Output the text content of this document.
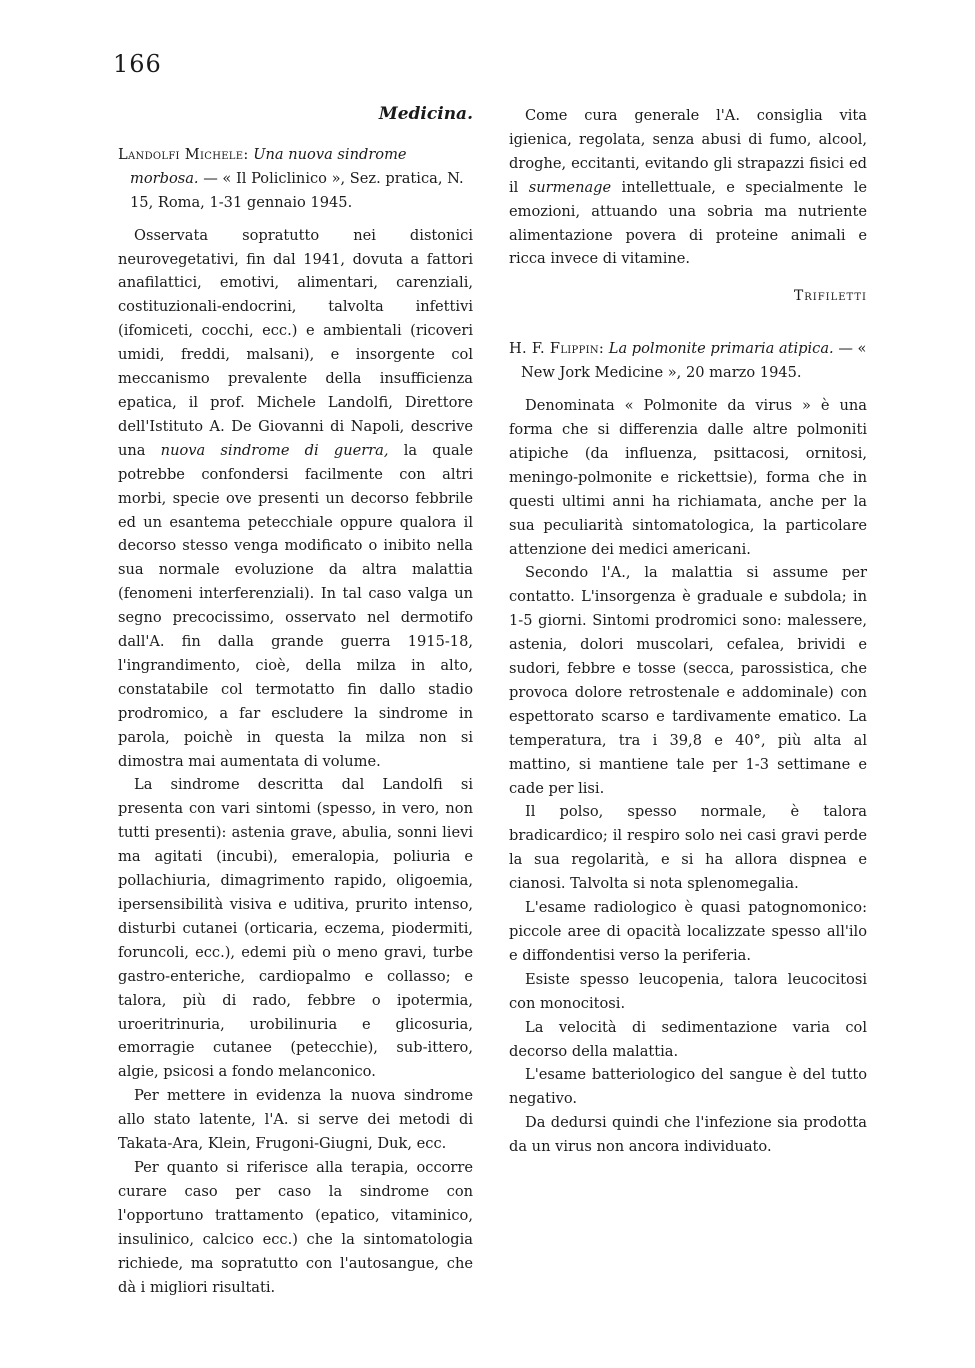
166
Medicina.
Landolfi Michele: Una nuova sindrome morbosa. — « Il Policlinico », Sez. pratica, N. 15, Roma, 1-31 gennaio 1945.

Osservata sopratutto nei distonici neurovegetativi, fin dal 1941, dovuta a fattori anafilattici, emotivi, alimentari, carenziali, costituzionali-endocrini, talvolta infettivi (ifomiceti, cocchi, ecc.) e ambientali (ricoveri umidi, freddi, malsani), e insorgente col meccanismo prevalente della insufficienza epatica, il prof. Michele Landolfi, Direttore dell'Istituto A. De Giovanni di Napoli, descrive una nuova sindrome di guerra, la quale potrebbe confondersi facilmente con altri morbi, specie ove presenti un decorso febbrile ed un esantema petecchiale oppure qualora il decorso stesso venga modificato o inibito nella sua normale evoluzione da altra malattia (fenomeni interferenziali). In tal caso valga un segno precocissimo, osservato nel dermotifo dall'A. fin dalla grande guerra 1915-18, l'ingrandimento, cioè, della milza in alto, constatabile col termotatto fin dallo stadio prodromico, a far escludere la sindrome in parola, poichè in questa la milza non si dimostra mai aumentata di volume.

La sindrome descritta dal Landolfi si presenta con vari sintomi (spesso, in vero, non tutti presenti): astenia grave, abulia, sonni lievi ma agitati (incubi), emeralopia, poliuria e pollachiuria, dimagrimento rapido, oligoemia, ipersensibilità visiva e uditiva, prurito intenso, disturbi cutanei (orticaria, eczema, piodermiti, foruncoli, ecc.), edemi più o meno gravi, turbe gastro-enteriche, cardiopalmo e collasso; e talora, più di rado, febbre o ipotermia, uroeritrinuria, urobilinuria e glicosuria, emorragie cutanee (petecchie), sub-ittero, algie, psicosi a fondo melanconico.

Per mettere in evidenza la nuova sindrome allo stato latente, l'A. si serve dei metodi di Takata-Ara, Klein, Frugoni-Giugni, Duk, ecc.

Per quanto si riferisce alla terapia, occorre curare caso per caso la sindrome con l'opportuno trattamento (epatico, vitaminico, insulinico, calcico ecc.) che la sintomatologia richiede, ma sopratutto con l'autosangue, che dà i migliori risultati.

Come cura generale l'A. consiglia vita igienica, regolata, senza abusi di fumo, alcool, droghe, eccitanti, evitando gli strapazzi fisici ed il surmenage intellettuale, e specialmente le emozioni, attuando una sobria ma nutriente alimentazione povera di proteine animali e ricca invece di vitamine.

Trifiletti
H. F. Flippin: La polmonite primaria atipica. — « New Jork Medicine », 20 marzo 1945.

Denominata « Polmonite da virus » è una forma che si differenzia dalle altre polmoniti atipiche (da influenza, psittacosi, ornitosi, meningo-polmonite e rickettsie), forma che in questi ultimi anni ha richiamata, anche per la sua peculiarità sintomatologica, la particolare attenzione dei medici americani.

Secondo l'A., la malattia si assume per contatto. L'insorgenza è graduale e subdola; in 1-5 giorni. Sintomi prodromici sono: malessere, astenia, dolori muscolari, cefalea, brividi e sudori, febbre e tosse (secca, parossistica, che provoca dolore retrostenale e addominale) con espettorato scarso e tardivamente ematico. La temperatura, tra i 39,8 e 40°, più alta al mattino, si mantiene tale per 1-3 settimane e cade per lisi.

Il polso, spesso normale, è talora bradicardico; il respiro solo nei casi gravi perde la sua regolarità, e si ha allora dispnea e cianosi. Talvolta si nota splenomegalia.

L'esame radiologico è quasi patognomonico: piccole aree di opacità localizzate spesso all'ilo e diffondentisi verso la periferia.

Esiste spesso leucopenia, talora leucocitosi con monocitosi.

La velocità di sedimentazione varia col decorso della malattia.

L'esame batteriologico del sangue è del tutto negativo.

Da dedursi quindi che l'infezione sia prodotta da un virus non ancora individuato.
